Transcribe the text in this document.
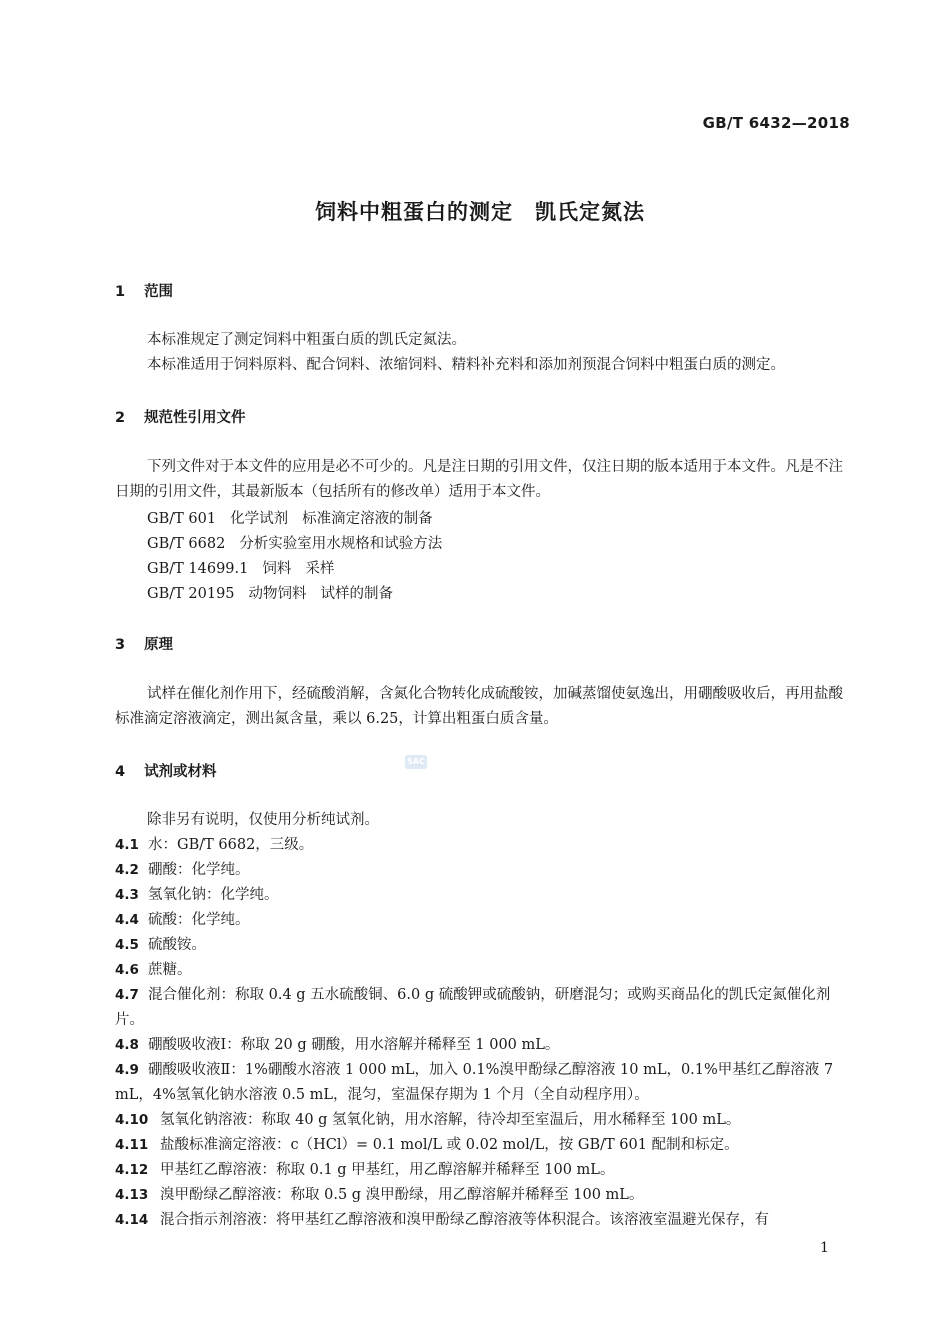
GB/T 6432—2018
饲料中粗蛋白的测定　凯氏定氮法
1 范围
本标准规定了测定饲料中粗蛋白质的凯氏定氮法。
本标准适用于饲料原料、配合饲料、浓缩饲料、精料补充料和添加剂预混合饲料中粗蛋白质的测定。
2 规范性引用文件
下列文件对于本文件的应用是必不可少的。凡是注日期的引用文件，仅注日期的版本适用于本文件。凡是不注日期的引用文件，其最新版本（包括所有的修改单）适用于本文件。
GB/T 601 化学试剂 标准滴定溶液的制备
GB/T 6682 分析实验室用水规格和试验方法
GB/T 14699.1 饲料 采样
GB/T 20195 动物饲料 试样的制备
3 原理
试样在催化剂作用下，经硫酸消解，含氮化合物转化成硫酸铵，加碱蒸馏使氨逸出，用硼酸吸收后，再用盐酸标准滴定溶液滴定，测出氮含量，乘以 6.25，计算出粗蛋白质含量。
SAC
4 试剂或材料
除非另有说明，仅使用分析纯试剂。
4.1 水：GB/T 6682，三级。
4.2 硼酸：化学纯。
4.3 氢氧化钠：化学纯。
4.4 硫酸：化学纯。
4.5 硫酸铵。
4.6 蔗糖。
4.7 混合催化剂：称取 0.4 g 五水硫酸铜、6.0 g 硫酸钾或硫酸钠，研磨混匀；或购买商品化的凯氏定氮催化剂片。
4.8 硼酸吸收液Ⅰ：称取 20 g 硼酸，用水溶解并稀释至 1 000 mL。
4.9 硼酸吸收液Ⅱ：1%硼酸水溶液 1 000 mL，加入 0.1%溴甲酚绿乙醇溶液 10 mL，0.1%甲基红乙醇溶液 7 mL，4%氢氧化钠水溶液 0.5 mL，混匀，室温保存期为 1 个月（全自动程序用）。
4.10 氢氧化钠溶液：称取 40 g 氢氧化钠，用水溶解，待冷却至室温后，用水稀释至 100 mL。
4.11 盐酸标准滴定溶液：c（HCl）= 0.1 mol/L 或 0.02 mol/L，按 GB/T 601 配制和标定。
4.12 甲基红乙醇溶液：称取 0.1 g 甲基红，用乙醇溶解并稀释至 100 mL。
4.13 溴甲酚绿乙醇溶液：称取 0.5 g 溴甲酚绿，用乙醇溶解并稀释至 100 mL。
4.14 混合指示剂溶液：将甲基红乙醇溶液和溴甲酚绿乙醇溶液等体积混合。该溶液室温避光保存，有
1
